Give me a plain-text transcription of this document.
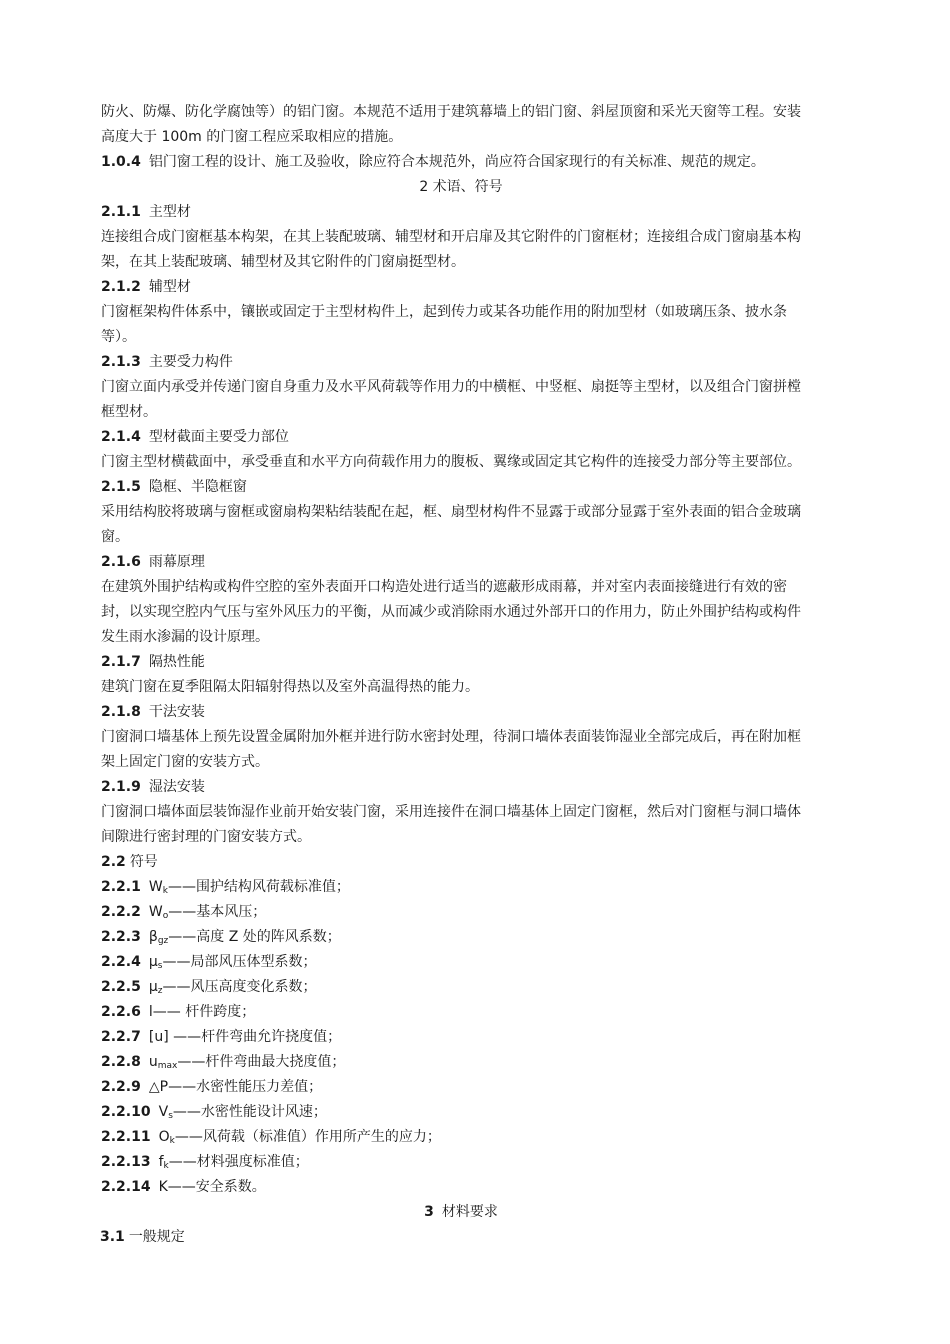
防火、防爆、防化学腐蚀等）的铝门窗。本规范不适用于建筑幕墙上的铝门窗、斜屋顶窗和采光天窗等工程。安装
高度大于 100m 的门窗工程应采取相应的措施。
1.0.4 铝门窗工程的设计、施工及验收，除应符合本规范外，尚应符合国家现行的有关标准、规范的规定。
2 术语、符号
2.1.1 主型材
连接组合成门窗框基本构架，在其上装配玻璃、辅型材和开启扉及其它附件的门窗框材；连接组合成门窗扇基本构
架，在其上装配玻璃、辅型材及其它附件的门窗扇挺型材。
2.1.2 辅型材
门窗框架构件体系中，镶嵌或固定于主型材构件上，起到传力或某各功能作用的附加型材（如玻璃压条、披水条
等）。
2.1.3 主要受力构件
门窗立面内承受并传递门窗自身重力及水平风荷载等作用力的中横框、中竖框、扇挺等主型材，以及组合门窗拼樘
框型材。
2.1.4 型材截面主要受力部位
门窗主型材横截面中，承受垂直和水平方向荷载作用力的腹板、翼缘或固定其它构件的连接受力部分等主要部位。
2.1.5 隐框、半隐框窗
采用结构胶将玻璃与窗框或窗扇构架粘结装配在起，框、扇型材构件不显露于或部分显露于室外表面的铝合金玻璃
窗。
2.1.6 雨幕原理
在建筑外围护结构或构件空腔的室外表面开口构造处进行适当的遮蔽形成雨幕，并对室内表面接缝进行有效的密
封，以实现空腔内气压与室外风压力的平衡，从而减少或消除雨水通过外部开口的作用力，防止外围护结构或构件
发生雨水渗漏的设计原理。
2.1.7 隔热性能
建筑门窗在夏季阻隔太阳辐射得热以及室外高温得热的能力。
2.1.8 干法安装
门窗洞口墙基体上预先设置金属附加外框并进行防水密封处理，待洞口墙体表面装饰湿业全部完成后，再在附加框
架上固定门窗的安装方式。
2.1.9 湿法安装
门窗洞口墙体面层装饰湿作业前开始安装门窗，采用连接件在洞口墙基体上固定门窗框，然后对门窗框与洞口墙体
间隙进行密封理的门窗安装方式。
2.2 符号
2.2.1 $W_k——$围护结构风荷载标准值；
2.2.2 $W_o——$基本风压；
2.2.3 $\beta_{gz}——$高度 Z 处的阵风系数；
2.2.4 $\mu_s——$局部风压体型系数；
2.2.5 $\mu_z——$风压高度变化系数；
2.2.6 l—— 杆件跨度；
2.2.7 [u] ——杆件弯曲允许挠度值；
2.2.8 $u_{max}——$杆件弯曲最大挠度值；
2.2.9 △P——水密性能压力差值；
2.2.10 $V_s——$水密性能设计风速；
2.2.11 $O_k——$风荷载（标准值）作用所产生的应力；
2.2.13 $f_k——$材料强度标准值；
2.2.14 K——安全系数。
3 材料要求
3.1 一般规定
